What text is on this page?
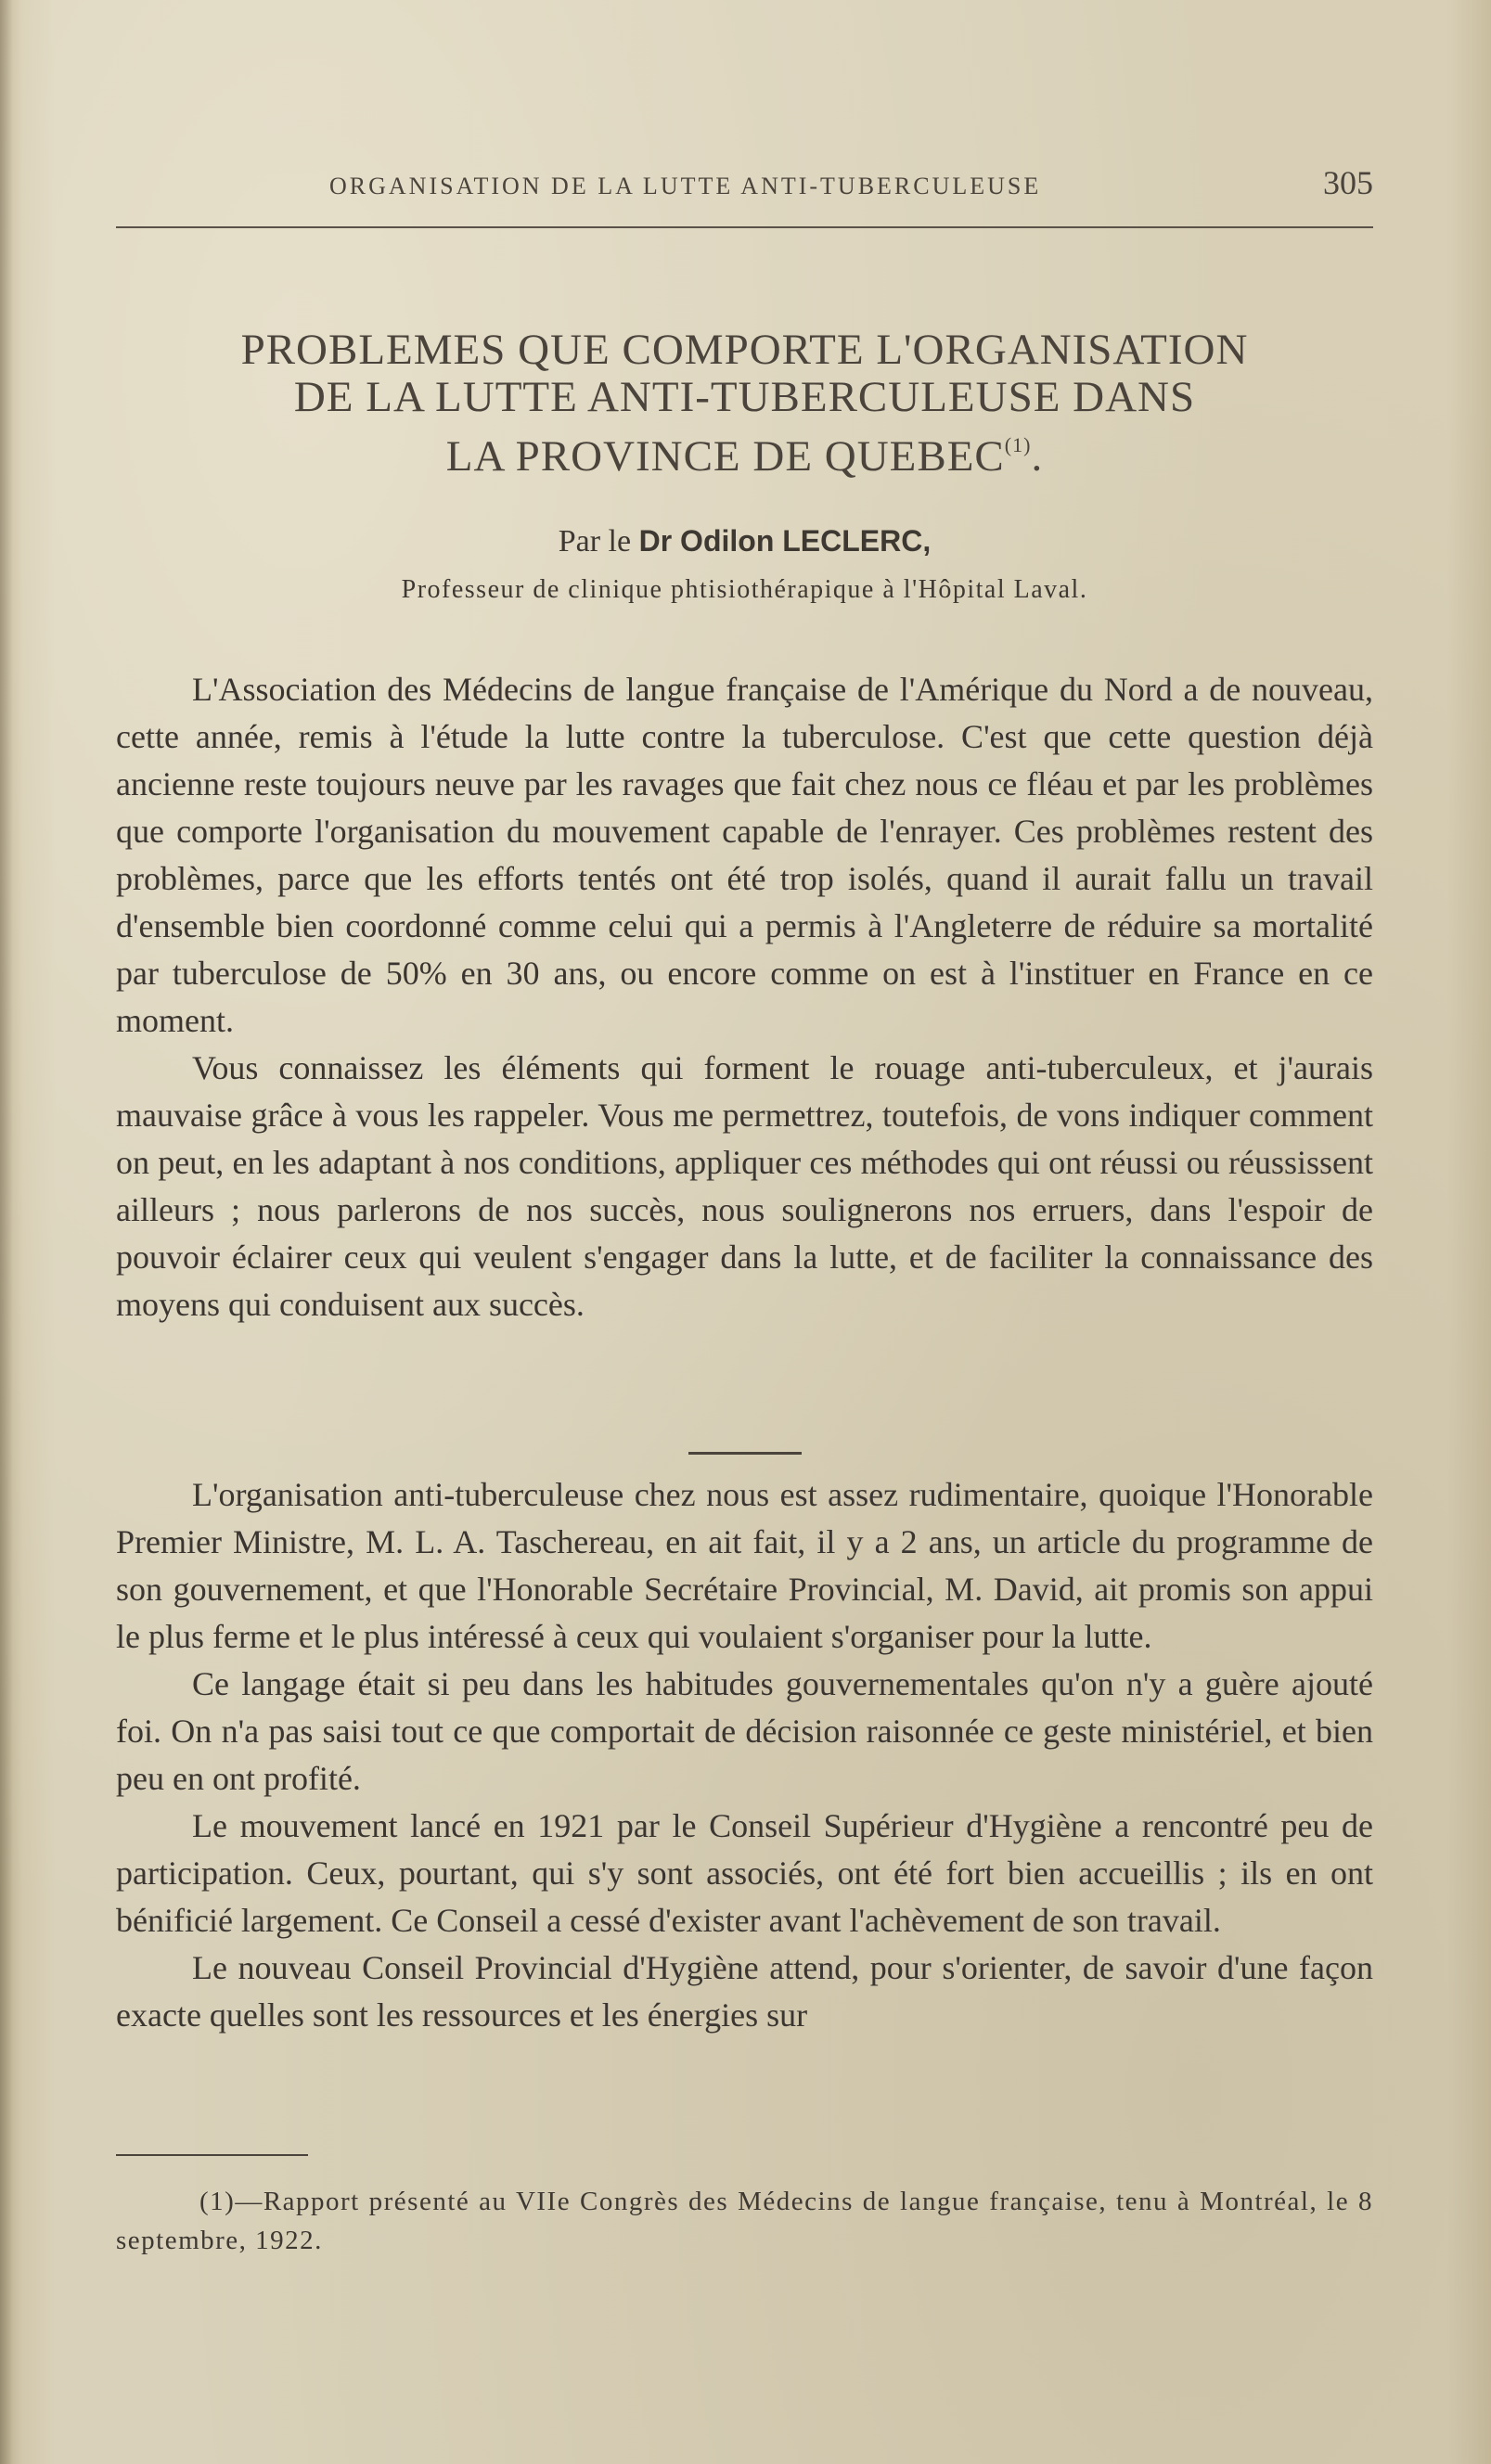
ORGANISATION DE LA LUTTE ANTI-TUBERCULEUSE	305
PROBLEMES QUE COMPORTE L'ORGANISATION
DE LA LUTTE ANTI-TUBERCULEUSE DANS
LA PROVINCE DE QUEBEC$^{(1)}$.
Par le Dr Odilon LECLERC,
Professeur de clinique phtisiothérapique à l'Hôpital Laval.

L'Association des Médecins de langue française de l'Amérique du Nord a de nouveau, cette année, remis à l'étude la lutte contre la tuberculose. C'est que cette question déjà ancienne reste toujours neuve par les ravages que fait chez nous ce fléau et par les problèmes que comporte l'organisation du mouvement capable de l'enrayer. Ces problèmes restent des problèmes, parce que les efforts tentés ont été trop isolés, quand il aurait fallu un travail d'ensemble bien coordonné comme celui qui a permis à l'Angleterre de réduire sa mortalité par tuberculose de 50% en 30 ans, ou encore comme on est à l'instituer en France en ce moment.

Vous connaissez les éléments qui forment le rouage anti-tuberculeux, et j'aurais mauvaise grâce à vous les rappeler. Vous me permettrez, toutefois, de vons indiquer comment on peut, en les adaptant à nos conditions, appliquer ces méthodes qui ont réussi ou réussissent ailleurs ; nous parlerons de nos succès, nous soulignerons nos erruers, dans l'espoir de pouvoir éclairer ceux qui veulent s'engager dans la lutte, et de faciliter la connaissance des moyens qui conduisent aux succès.

L'organisation anti-tuberculeuse chez nous est assez rudimentaire, quoique l'Honorable Premier Ministre, M. L. A. Taschereau, en ait fait, il y a 2 ans, un article du programme de son gouvernement, et que l'Honorable Secrétaire Provincial, M. David, ait promis son appui le plus ferme et le plus intéressé à ceux qui voulaient s'organiser pour la lutte.

Ce langage était si peu dans les habitudes gouvernementales qu'on n'y a guère ajouté foi. On n'a pas saisi tout ce que comportait de décision raisonnée ce geste ministériel, et bien peu en ont profité.

Le mouvement lancé en 1921 par le Conseil Supérieur d'Hygiène a rencontré peu de participation. Ceux, pourtant, qui s'y sont associés, ont été fort bien accueillis ; ils en ont bénificié largement. Ce Conseil a cessé d'exister avant l'achèvement de son travail.

Le nouveau Conseil Provincial d'Hygiène attend, pour s'orienter, de savoir d'une façon exacte quelles sont les ressources et les énergies sur

(1)—Rapport présenté au VIIe Congrès des Médecins de langue française, tenu à Montréal, le 8 septembre, 1922.
